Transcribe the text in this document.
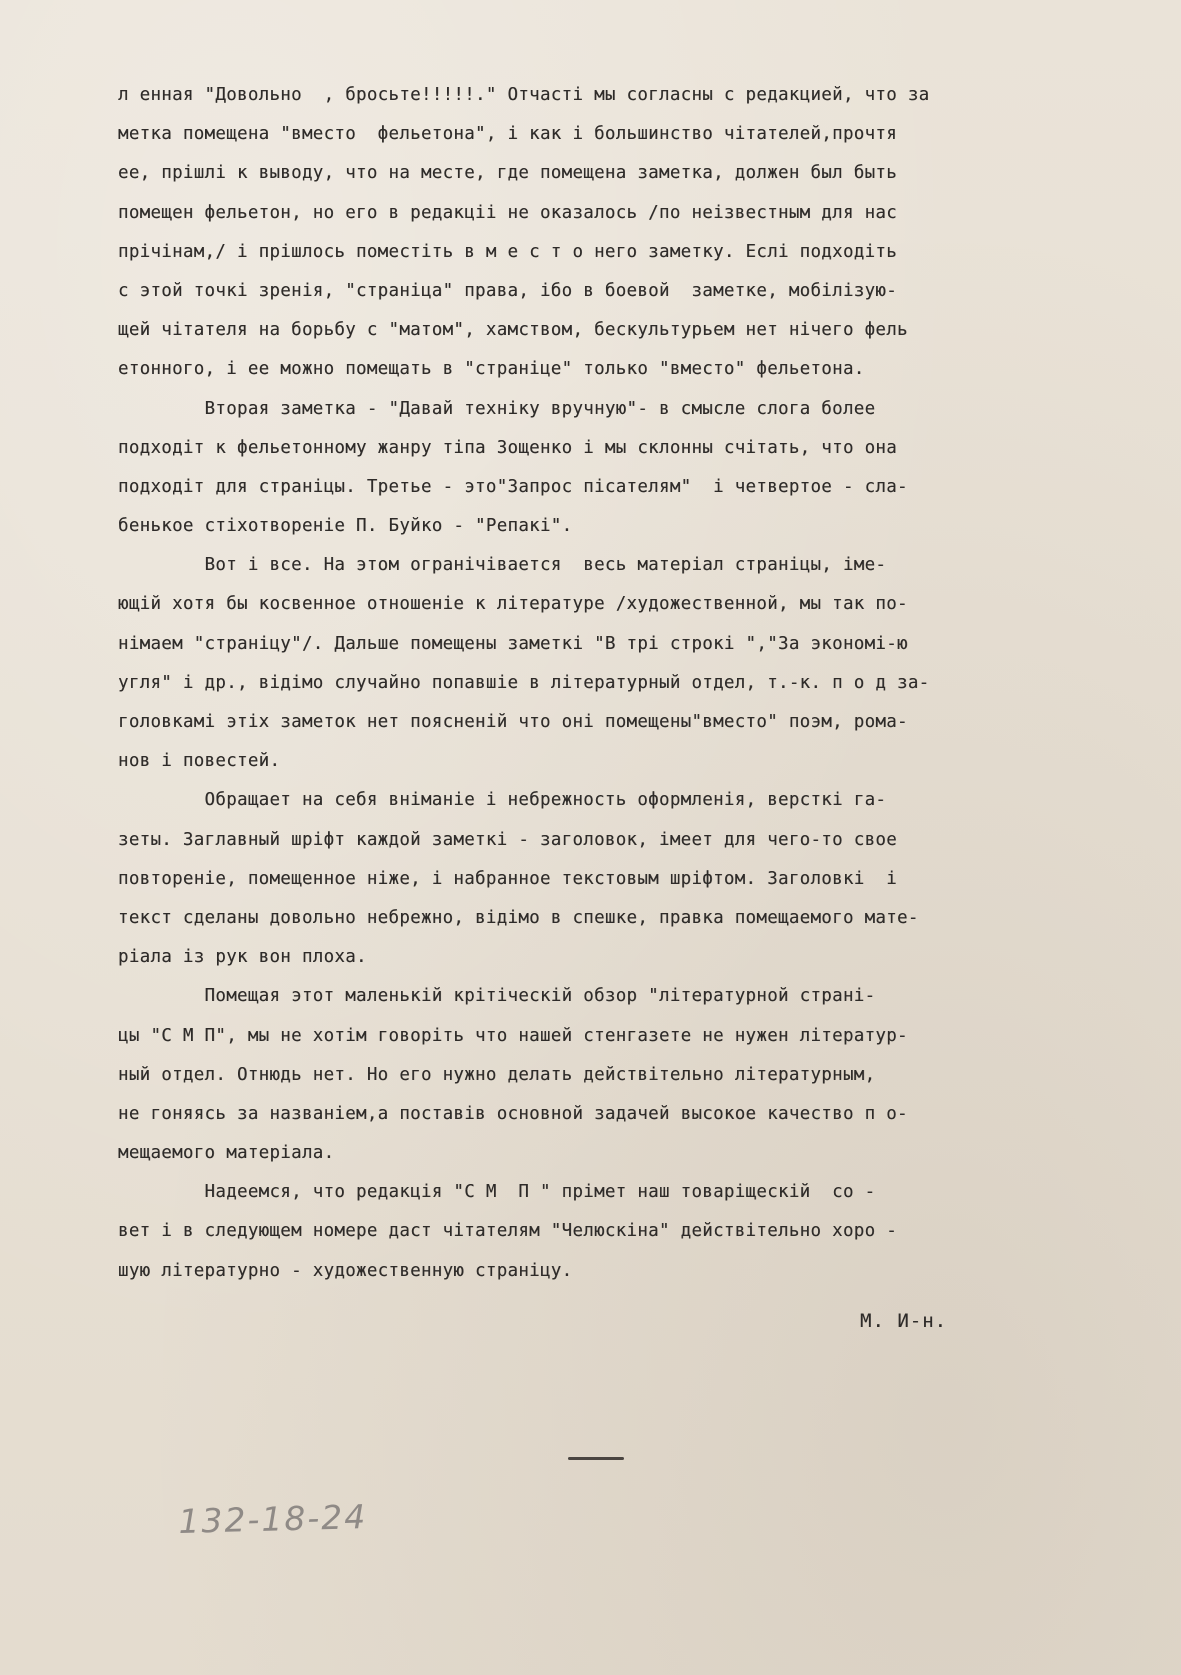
л енная "Довольно  , бросьте!!!!!." Отчасті мы согласны с редакцией, что за
метка помещена "вместо  фельетона", і как і большинство чітателей,прочтя
ее, прішлі к выводу, что на месте, где помещена заметка, должен был быть
помещен фельетон, но его в редакціі не оказалось /по неізвестным для нас
прічінам,/ і прішлось поместіть в м е с т о него заметку. Еслі подходіть
с этой точкі зренія, "страніца" права, ібо в боевой  заметке, мобілізую-
щей чітателя на борьбу с "матом", хамством, бескультурьем нет нічего фель
етонного, і ее можно помещать в "страніце" только "вместо" фельетона.
Вторая заметка - "Давай техніку вручную"- в смысле слога более
подходіт к фельетонному жанру тіпа Зощенко і мы склонны счітать, что она
подходіт для страніцы. Третье - это"Запрос пісателям"  і четвертое - сла-
бенькое стіхотвореніе П. Буйко - "Репакі".
Вот і все. На этом огранічівается  весь матеріал страніцы, іме-
ющій хотя бы косвенное отношеніе к літературе /художественной, мы так по-
німаем "страніцу"/. Дальше помещены заметкі "В трі строкі ","За экономі-ю
угля" і др., відімо случайно попавшіе в літературный отдел, т.-к. п о д за-
головкамі этіх заметок нет поясненій что оні помещены"вместо" поэм, рома-
нов і повестей.
Обращает на себя вніманіе і небрежность оформленія, версткі га-
зеты. Заглавный шріфт каждой заметкі - заголовок, імеет для чего-то свое
повтореніе, помещенное ніже, і набранное текстовым шріфтом. Заголовкі  і
текст сделаны довольно небрежно, відімо в спешке, правка помещаемого мате-
ріала із рук вон плоха.
Помещая этот маленькій крітіческій обзор "літературной страні-
цы "С М П", мы не хотім говоріть что нашей стенгазете не нужен літератур-
ный отдел. Отнюдь нет. Но его нужно делать действітельно літературным,
не гоняясь за названіем,а поставів основной задачей высокое качество п о-
мещаемого матеріала.
Надеемся, что редакція "С М  П " прімет наш товаріщескій  со -
вет і в следующем номере даст чітателям "Челюскіна" действітельно хоро -
шую літературно - художественную страніцу.
М. И-н.
132-18-24
